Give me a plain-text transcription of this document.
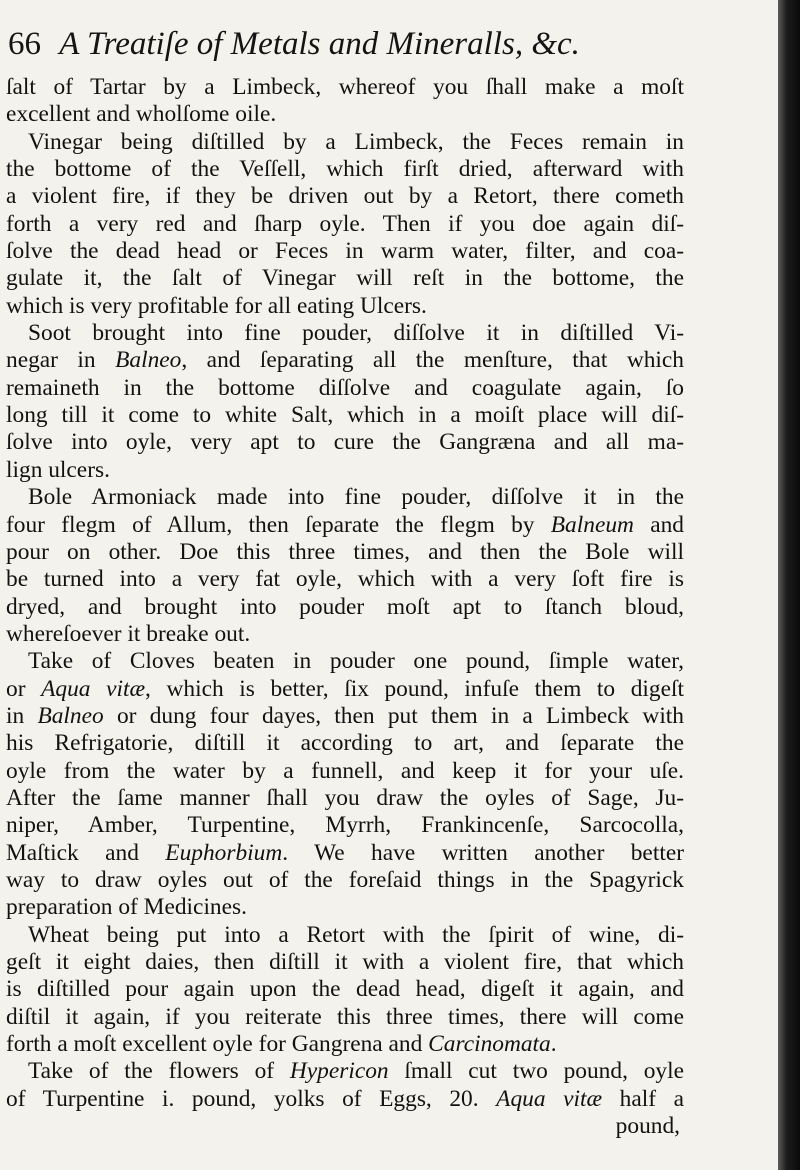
66 A Treatiſe of Metals and Mineralls, &c.
ſalt of Tartar by a Limbeck, whereof you ſhall make a moſt
excellent and wholſome oile.
Vinegar being diſtilled by a Limbeck, the Feces remain in
the bottome of the Veſſell, which firſt dried, afterward with
a violent fire, if they be driven out by a Retort, there cometh
forth a very red and ſharp oyle. Then if you doe again diſ-
ſolve the dead head or Feces in warm water, filter, and coa-
gulate it, the ſalt of Vinegar will reſt in the bottome, the
which is very profitable for all eating Ulcers.
Soot brought into fine pouder, diſſolve it in diſtilled Vi-
negar in Balneo, and ſeparating all the menſture, that which
remaineth in the bottome diſſolve and coagulate again, ſo
long till it come to white Salt, which in a moiſt place will diſ-
ſolve into oyle, very apt to cure the Gangræna and all ma-
lign ulcers.
Bole Armoniack made into fine pouder, diſſolve it in the
four flegm of Allum, then ſeparate the flegm by Balneum and
pour on other. Doe this three times, and then the Bole will
be turned into a very fat oyle, which with a very ſoft fire is
dryed, and brought into pouder moſt apt to ſtanch bloud,
whereſoever it breake out.
Take of Cloves beaten in pouder one pound, ſimple water,
or Aqua vitæ, which is better, ſix pound, infuſe them to digeſt
in Balneo or dung four dayes, then put them in a Limbeck with
his Refrigatorie, diſtill it according to art, and ſeparate the
oyle from the water by a funnell, and keep it for your uſe.
After the ſame manner ſhall you draw the oyles of Sage, Ju-
niper, Amber, Turpentine, Myrrh, Frankincenſe, Sarcocolla,
Maſtick and Euphorbium. We have written another better
way to draw oyles out of the foreſaid things in the Spagyrick
preparation of Medicines.
Wheat being put into a Retort with the ſpirit of wine, di-
geſt it eight daies, then diſtill it with a violent fire, that which
is diſtilled pour again upon the dead head, digeſt it again, and
diſtil it again, if you reiterate this three times, there will come
forth a moſt excellent oyle for Gangrena and Carcinomata.
Take of the flowers of Hypericon ſmall cut two pound, oyle
of Turpentine i. pound, yolks of Eggs, 20. Aqua vitæ half a
pound,
